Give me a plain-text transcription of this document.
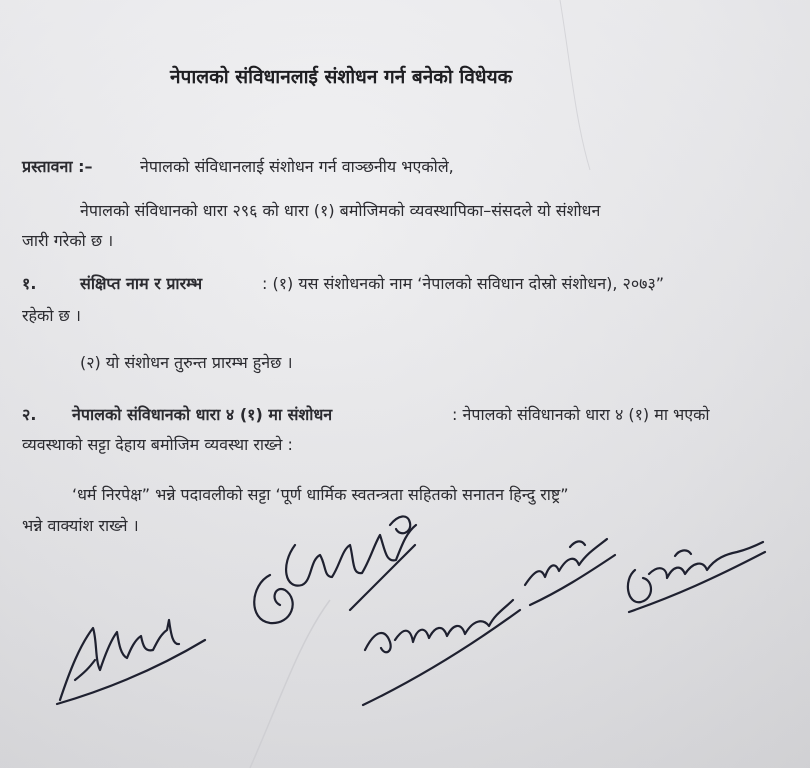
नेपालको संविधानलाई संशोधन गर्न बनेको विधेयक
प्रस्तावना :–	नेपालको संविधानलाई संशोधन गर्न वाञ्छनीय भएकोले,
नेपालको संविधानको धारा २९६ को धारा (१) बमोजिमको व्यवस्थापिका–संसदले यो संशोधन
जारी गरेको छ ।
१.	संक्षिप्त नाम र प्रारम्भ	: (१) यस संशोधनको नाम ‘नेपालको सविधान दोस्रो संशोधन), २०७३”
रहेको छ ।
(२) यो संशोधन तुरुन्त प्रारम्भ हुनेछ ।
२. नेपालको संविधानको धारा ४ (१) मा संशोधन	: नेपालको संविधानको धारा ४ (१) मा भएको
व्यवस्थाको सट्टा देहाय बमोजिम व्यवस्था राख्ने :
‘धर्म निरपेक्ष” भन्ने पदावलीको सट्टा ‘पूर्ण धार्मिक स्वतन्त्रता सहितको सनातन हिन्दु राष्ट्र”
भन्ने वाक्यांश राख्ने ।
